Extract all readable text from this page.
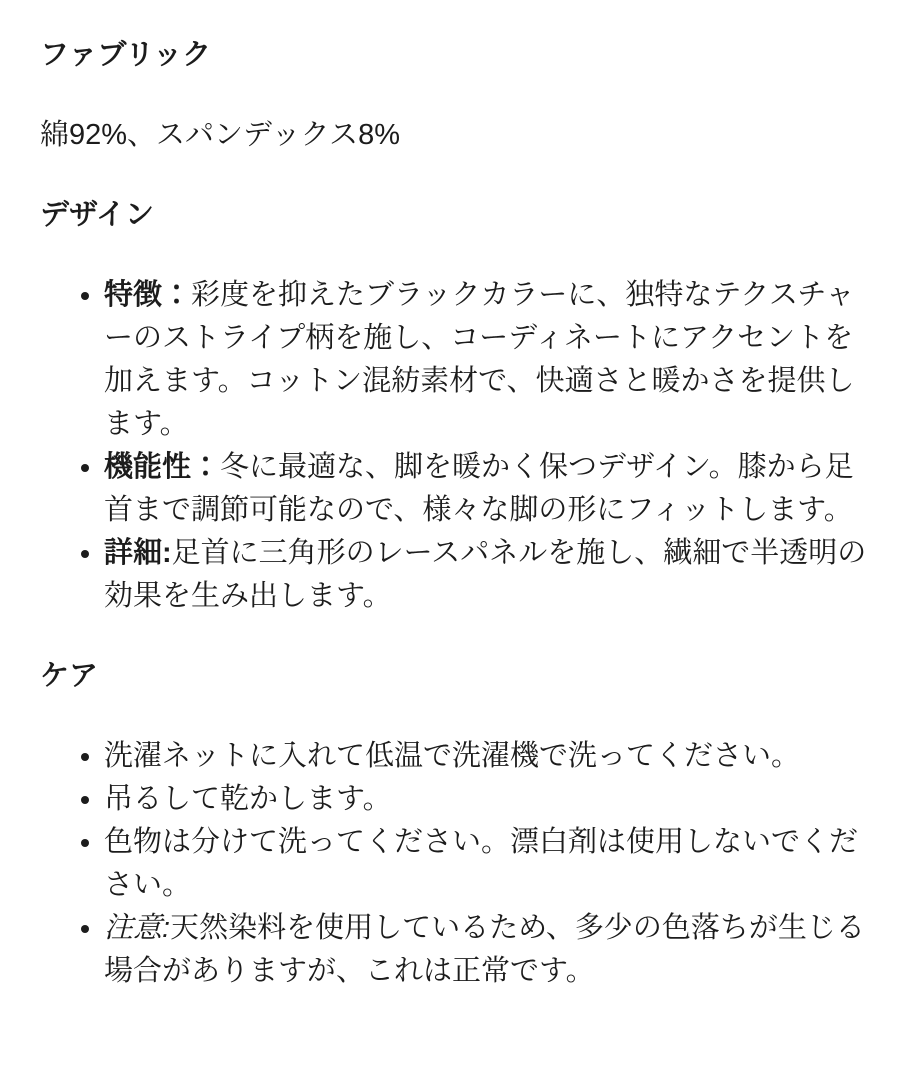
ファブリック

綿92%、スパンデックス8%

デザイン
• 特徴：彩度を抑えたブラックカラーに、独特なテクスチャーのストライプ柄を施し、コーディネートにアクセントを加えます。コットン混紡素材で、快適さと暖かさを提供します。
• 機能性：冬に最適な、脚を暖かく保つデザイン。膝から足首まで調節可能なので、様々な脚の形にフィットします。
• 詳細:足首に三角形のレースパネルを施し、繊細で半透明の効果を生み出します。
ケア
• 洗濯ネットに入れて低温で洗濯機で洗ってください。
• 吊るして乾かします。
• 色物は分けて洗ってください。漂白剤は使用しないでください。
• 注意:天然染料を使用しているため、多少の色落ちが生じる場合がありますが、これは正常です。
